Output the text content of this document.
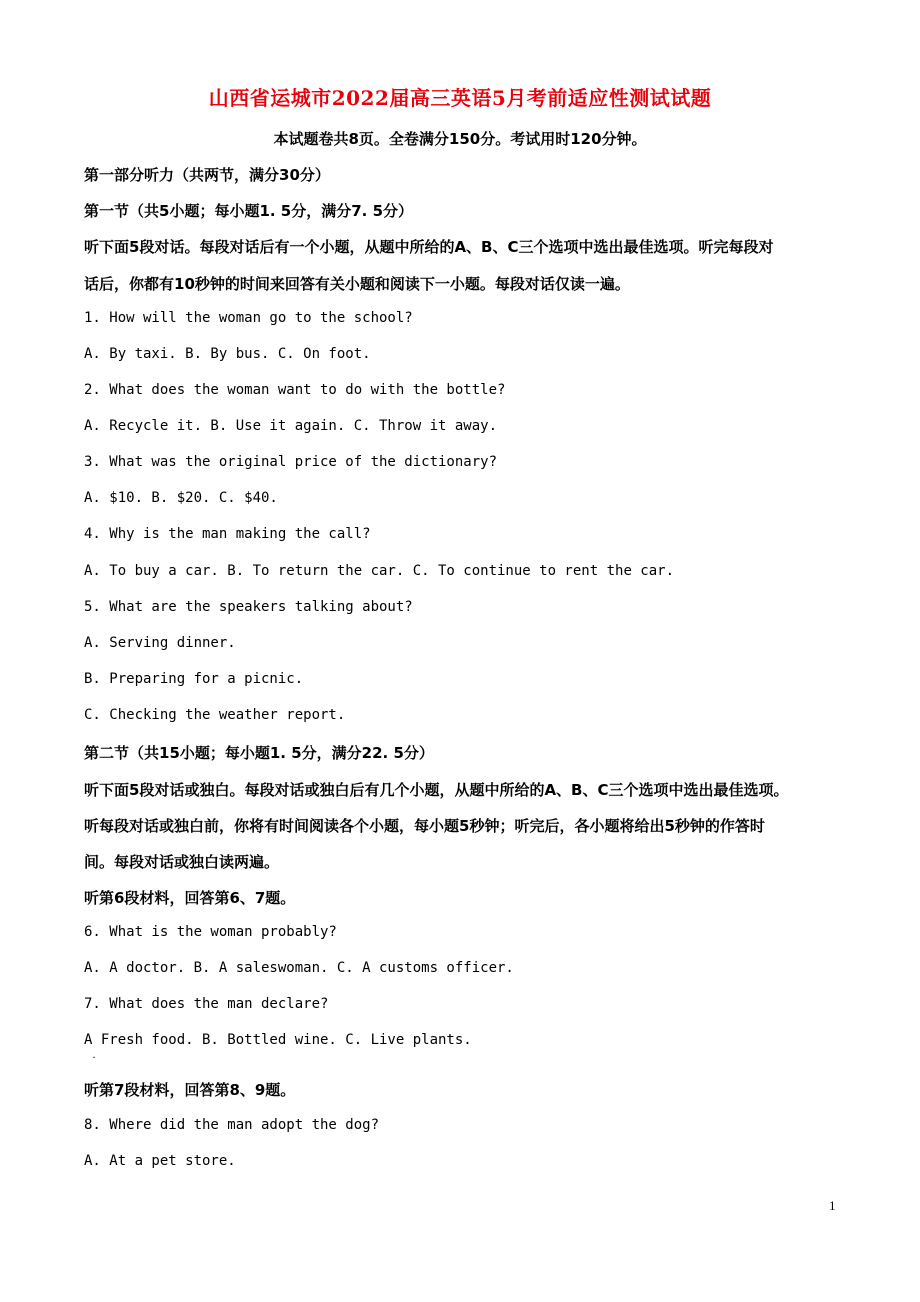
山西省运城市2022届高三英语5月考前适应性测试试题
本试题卷共8页。全卷满分150分。考试用时120分钟。
第一部分听力（共两节，满分30分）
第一节（共5小题；每小题1. 5分，满分7. 5分）
听下面5段对话。每段对话后有一个小题，从题中所给的A、B、C三个选项中选出最佳选项。听完每段对
话后，你都有10秒钟的时间来回答有关小题和阅读下一小题。每段对话仅读一遍。
1. How will the woman go to the school?
A. By taxi. B. By bus. C. On foot.
2. What does the woman want to do with the bottle?
A. Recycle it. B. Use it again. C. Throw it away.
3. What was the original price of the dictionary?
A. $10. B. $20. C. $40.
4. Why is the man making the call?
A. To buy a car. B. To return the car. C. To continue to rent the car.
5. What are the speakers talking about?
A. Serving dinner.
B. Preparing for a picnic.
C. Checking the weather report.
第二节（共15小题；每小题1. 5分，满分22. 5分）
听下面5段对话或独白。每段对话或独白后有几个小题，从题中所给的A、B、C三个选项中选出最佳选项。
听每段对话或独白前，你将有时间阅读各个小题，每小题5秒钟；听完后，各小题将给出5秒钟的作答时
间。每段对话或独白读两遍。
听第6段材料，回答第6、7题。
6. What is the woman probably?
A. A doctor. B. A saleswoman. C. A customs officer.
7. What does the man declare?
A Fresh food. B. Bottled wine. C. Live plants.
·
听第7段材料，回答第8、9题。
8. Where did the man adopt the dog?
A. At a pet store.
1
